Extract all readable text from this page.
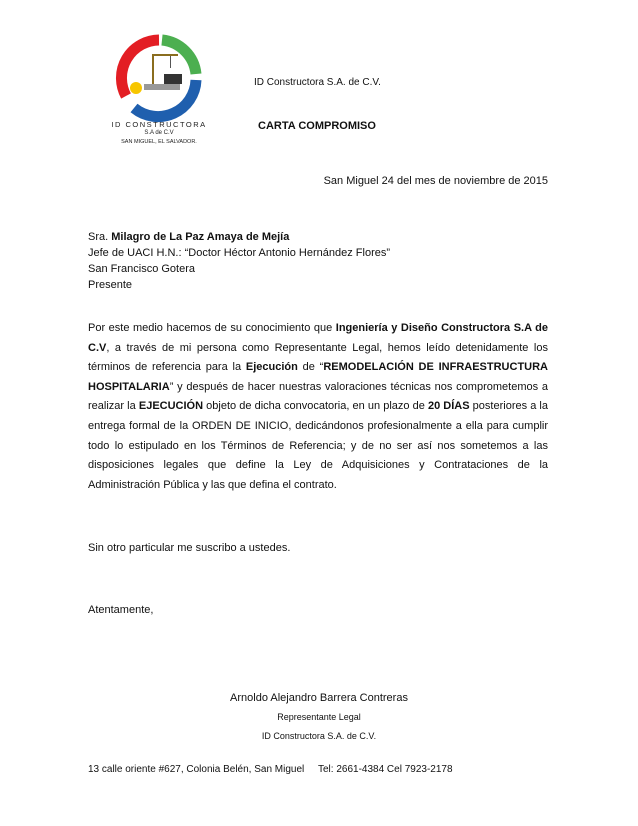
ID CONSTRUCTORA
S.A de C.V
SAN MIGUEL, EL SALVADOR.
ID Constructora S.A. de C.V.
CARTA COMPROMISO
San Miguel 24 del mes de noviembre de 2015
Sra. Milagro de La Paz Amaya de Mejía
Jefe de UACI H.N.: “Doctor Héctor Antonio Hernández Flores”
San Francisco Gotera
Presente
Por este medio hacemos de su conocimiento que Ingeniería y Diseño Constructora S.A de C.V, a través de mi persona como Representante Legal, hemos leído detenidamente los términos de referencia para la Ejecución de “REMODELACIÓN DE INFRAESTRUCTURA HOSPITALARIA” y después de hacer nuestras valoraciones técnicas nos comprometemos a realizar la EJECUCIÓN objeto de dicha convocatoria, en un plazo de 20 DÍAS posteriores a la entrega formal de la ORDEN DE INICIO, dedicándonos profesionalmente a ella para cumplir todo lo estipulado en los Términos de Referencia; y de no ser así nos sometemos a las disposiciones legales que define la Ley de Adquisiciones y Contrataciones de la Administración Pública y las que defina el contrato.
Sin otro particular me suscribo a ustedes.
Atentamente,
Arnoldo Alejandro Barrera Contreras
Representante Legal
ID Constructora S.A. de C.V.
13 calle oriente #627, Colonia Belén, San Miguel Tel: 2661-4384 Cel 7923-2178
